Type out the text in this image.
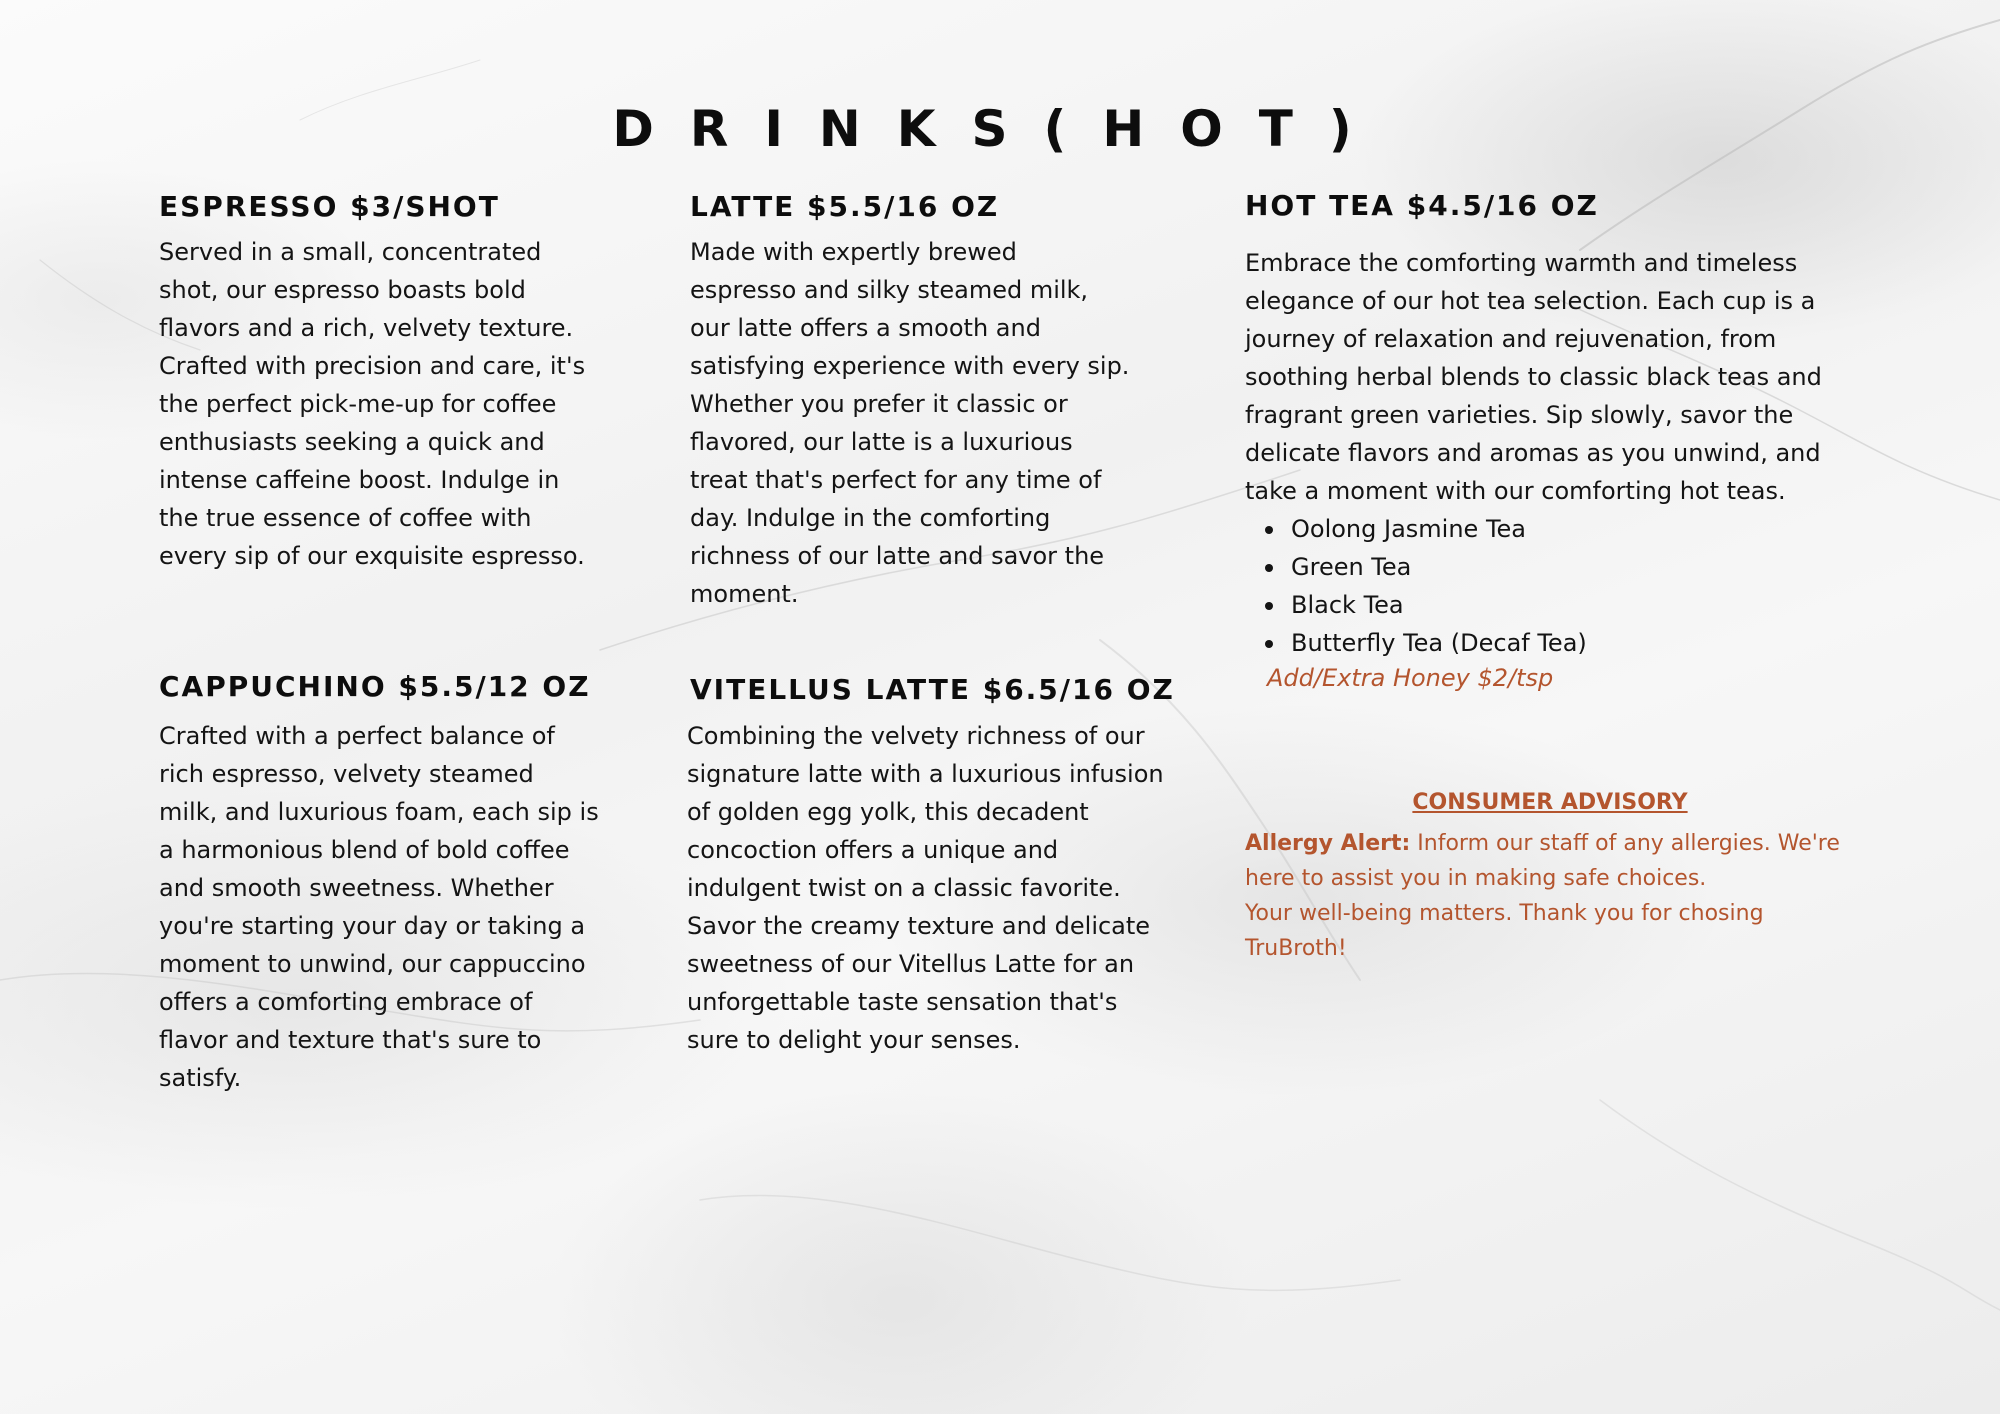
DRINKS(HOT)
ESPRESSO $3/SHOT

Served in a small, concentrated shot, our espresso boasts bold flavors and a rich, velvety texture. Crafted with precision and care, it's the perfect pick-me-up for coffee enthusiasts seeking a quick and intense caffeine boost. Indulge in the true essence of coffee with every sip of our exquisite espresso.

CAPPUCHINO $5.5/12 OZ

Crafted with a perfect balance of rich espresso, velvety steamed milk, and luxurious foam, each sip is a harmonious blend of bold coffee and smooth sweetness. Whether you're starting your day or taking a moment to unwind, our cappuccino offers a comforting embrace of flavor and texture that's sure to satisfy.

LATTE $5.5/16 OZ

Made with expertly brewed espresso and silky steamed milk, our latte offers a smooth and satisfying experience with every sip. Whether you prefer it classic or flavored, our latte is a luxurious treat that's perfect for any time of day. Indulge in the comforting richness of our latte and savor the moment.

VITELLUS LATTE $6.5/16 OZ

Combining the velvety richness of our signature latte with a luxurious infusion of golden egg yolk, this decadent concoction offers a unique and indulgent twist on a classic favorite. Savor the creamy texture and delicate sweetness of our Vitellus Latte for an unforgettable taste sensation that's sure to delight your senses.

HOT TEA $4.5/16 OZ

Embrace the comforting warmth and timeless elegance of our hot tea selection. Each cup is a journey of relaxation and rejuvenation, from soothing herbal blends to classic black teas and fragrant green varieties. Sip slowly, savor the delicate flavors and aromas as you unwind, and take a moment with our comforting hot teas.

Oolong Jasmine Tea
Green Tea
Black Tea
Butterfly Tea (Decaf Tea)

Add/Extra Honey $2/tsp

CONSUMER ADVISORY

Allergy Alert: Inform our staff of any allergies. We're here to assist you in making safe choices.
Your well-being matters. Thank you for chosing TruBroth!
